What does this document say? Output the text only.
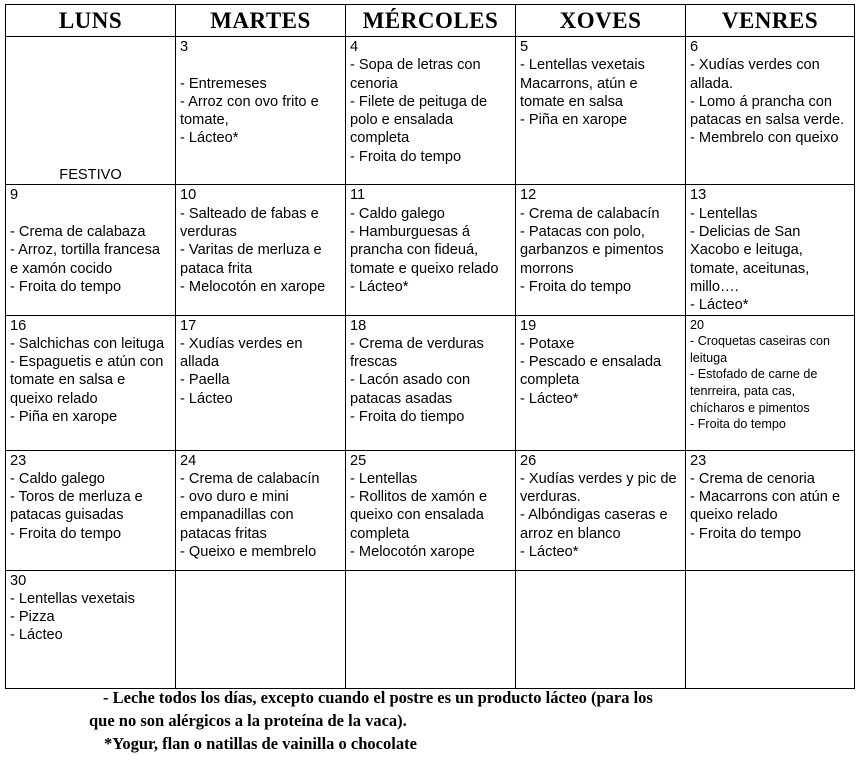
LUNS	MARTES	MÉRCOLES	XOVES	VENRES

FESTIVO	3

- Entremeses
- Arroz con ovo frito e tomate,
- Lácteo*	4
- Sopa de letras con cenoria
- Filete de peituga de polo e ensalada completa
- Froita do tempo	5
- Lentellas vexetais Macarrons, atún e tomate en salsa
- Piña en xarope	6
- Xudías verdes con allada.
- Lomo á prancha con patacas en salsa verde.
- Membrelo con queixo

9

- Crema de calabaza
- Arroz, tortilla francesa e xamón cocido
- Froita do tempo	10
- Salteado de fabas e verduras
- Varitas de merluza e pataca frita
- Melocotón en xarope	11
- Caldo galego
- Hamburguesas á prancha con fideuá, tomate e queixo relado
- Lácteo*	12
- Crema de calabacín
- Patacas con polo, garbanzos e pimentos morrons
- Froita do tempo	13
- Lentellas
- Delicias de San Xacobo e leituga, tomate, aceitunas, millo….
- Lácteo*

16
- Salchichas con leituga
- Espaguetis e atún con tomate en salsa e queixo relado
- Piña en xarope	17
- Xudías verdes en allada
- Paella
- Lácteo	18
- Crema de verduras frescas
- Lacón asado con patacas asadas
- Froita do tiempo	19
- Potaxe
- Pescado e ensalada completa
- Lácteo*	20
- Croquetas caseiras con leituga
- Estofado de carne de tenrreira, pata cas, chícharos e pimentos
- Froita do tempo

23
- Caldo galego
- Toros de merluza e patacas guisadas
- Froita do tempo	24
- Crema de calabacín
- ovo duro e mini empanadillas con patacas fritas
- Queixo e membrelo	25
- Lentellas
- Rollitos de xamón e queixo con ensalada completa
- Melocotón xarope	26
- Xudías verdes y pic de verduras.
- Albóndigas caseras e arroz en blanco
- Lácteo*	23
- Crema de cenoria
- Macarrons con atún e queixo relado
- Froita do tempo

30
- Lentellas vexetais
- Pizza
- Lácteo				

- Leche todos los días, excepto cuando el postre es un producto lácteo (para los
que no son alérgicos a la proteína de la vaca).
*Yogur, flan o natillas de vainilla o chocolate
